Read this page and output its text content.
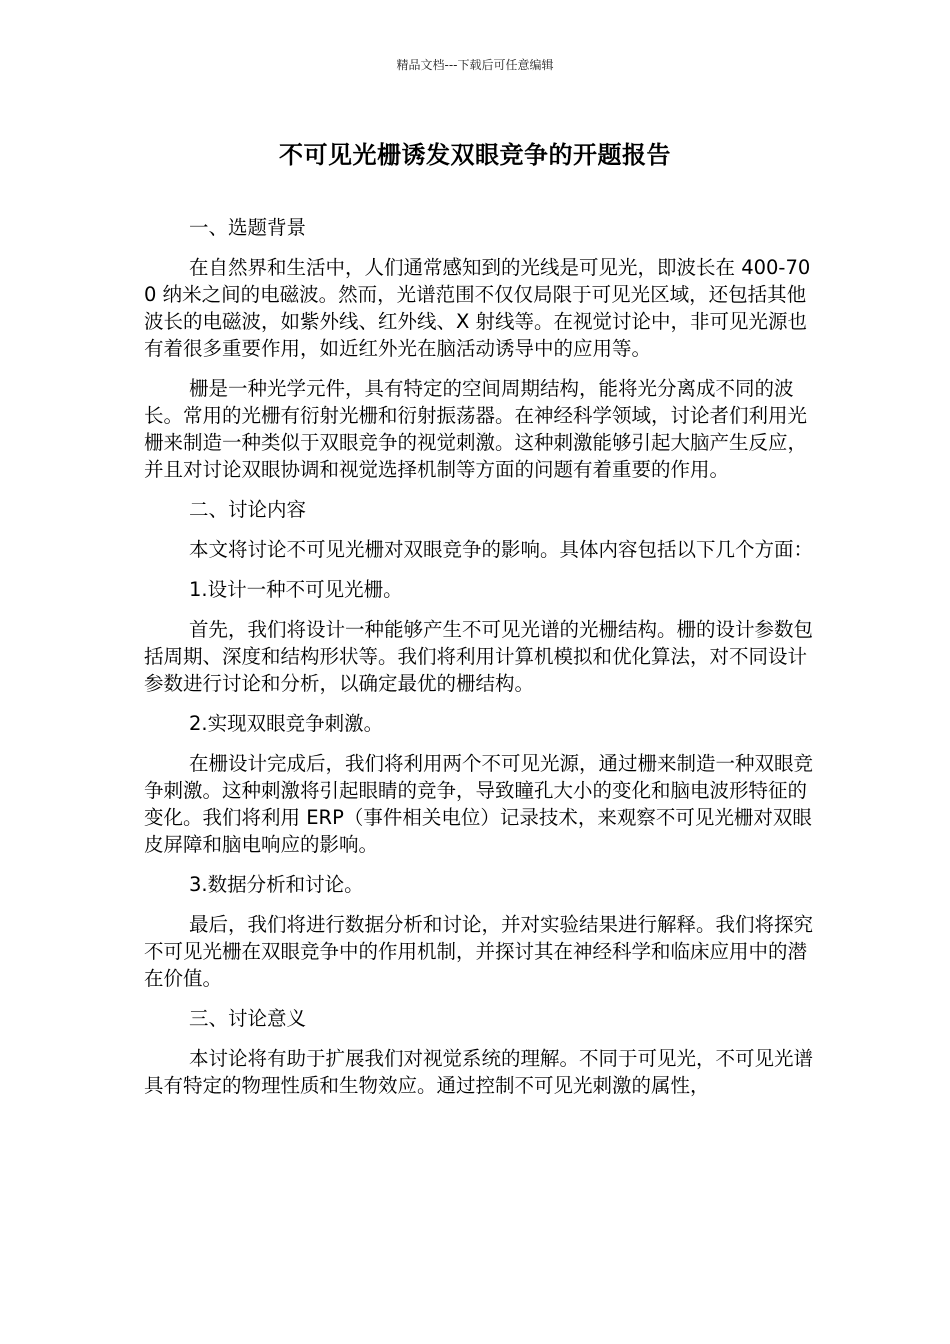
精品文档---下载后可任意编辑
不可见光栅诱发双眼竞争的开题报告

一、选题背景

在自然界和生活中，人们通常感知到的光线是可见光，即波长在 400-700 纳米之间的电磁波。然而，光谱范围不仅仅局限于可见光区域，还包括其他波长的电磁波，如紫外线、红外线、X 射线等。在视觉讨论中，非可见光源也有着很多重要作用，如近红外光在脑活动诱导中的应用等。

栅是一种光学元件，具有特定的空间周期结构，能将光分离成不同的波长。常用的光栅有衍射光栅和衍射振荡器。在神经科学领域，讨论者们利用光栅来制造一种类似于双眼竞争的视觉刺激。这种刺激能够引起大脑产生反应，并且对讨论双眼协调和视觉选择机制等方面的问题有着重要的作用。

二、讨论内容

本文将讨论不可见光栅对双眼竞争的影响。具体内容包括以下几个方面：

1.设计一种不可见光栅。

首先，我们将设计一种能够产生不可见光谱的光栅结构。栅的设计参数包括周期、深度和结构形状等。我们将利用计算机模拟和优化算法，对不同设计参数进行讨论和分析，以确定最优的栅结构。

2.实现双眼竞争刺激。

在栅设计完成后，我们将利用两个不可见光源，通过栅来制造一种双眼竞争刺激。这种刺激将引起眼睛的竞争，导致瞳孔大小的变化和脑电波形特征的变化。我们将利用 ERP（事件相关电位）记录技术，来观察不可见光栅对双眼皮屏障和脑电响应的影响。

3.数据分析和讨论。

最后，我们将进行数据分析和讨论，并对实验结果进行解释。我们将探究不可见光栅在双眼竞争中的作用机制，并探讨其在神经科学和临床应用中的潜在价值。

三、讨论意义

本讨论将有助于扩展我们对视觉系统的理解。不同于可见光，不可见光谱具有特定的物理性质和生物效应。通过控制不可见光刺激的属性，
